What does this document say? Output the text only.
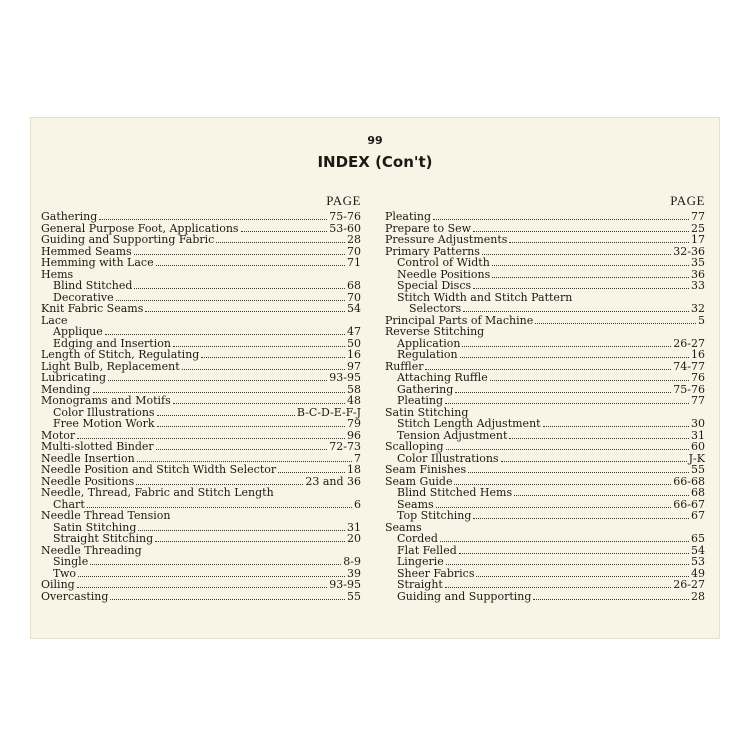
99
INDEX (Con't)
PAGE
Gathering	75-76
General Purpose Foot, Applications	53-60
Guiding and Supporting Fabric	28
Hemmed Seams	70
Hemming with Lace	71
Hems
Blind Stitched	68
Decorative	70
Knit Fabric Seams	54
Lace
Applique	47
Edging and Insertion	50
Length of Stitch, Regulating	16
Light Bulb, Replacement	97
Lubricating	93-95
Mending	58
Monograms and Motifs	48
Color Illustrations	B-C-D-E-F-J
Free Motion Work	79
Motor	96
Multi-slotted Binder	72-73
Needle Insertion	7
Needle Position and Stitch Width Selector	18
Needle Positions	23 and 36
Needle, Thread, Fabric and Stitch Length
Chart	6
Needle Thread Tension
Satin Stitching	31
Straight Stitching	20
Needle Threading
Single	8-9
Two	39
Oiling	93-95
Overcasting	55
PAGE
Pleating	77
Prepare to Sew	25
Pressure Adjustments	17
Primary Patterns	32-36
Control of Width	35
Needle Positions	36
Special Discs	33
Stitch Width and Stitch Pattern
Selectors	32
Principal Parts of Machine	5
Reverse Stitching
Application	26-27
Regulation	16
Ruffler	74-77
Attaching Ruffle	76
Gathering	75-76
Pleating	77
Satin Stitching
Stitch Length Adjustment	30
Tension Adjustment	31
Scalloping	60
Color Illustrations	J-K
Seam Finishes	55
Seam Guide	66-68
Blind Stitched Hems	68
Seams	66-67
Top Stitching	67
Seams
Corded	65
Flat Felled	54
Lingerie	53
Sheer Fabrics	49
Straight	26-27
Guiding and Supporting	28
